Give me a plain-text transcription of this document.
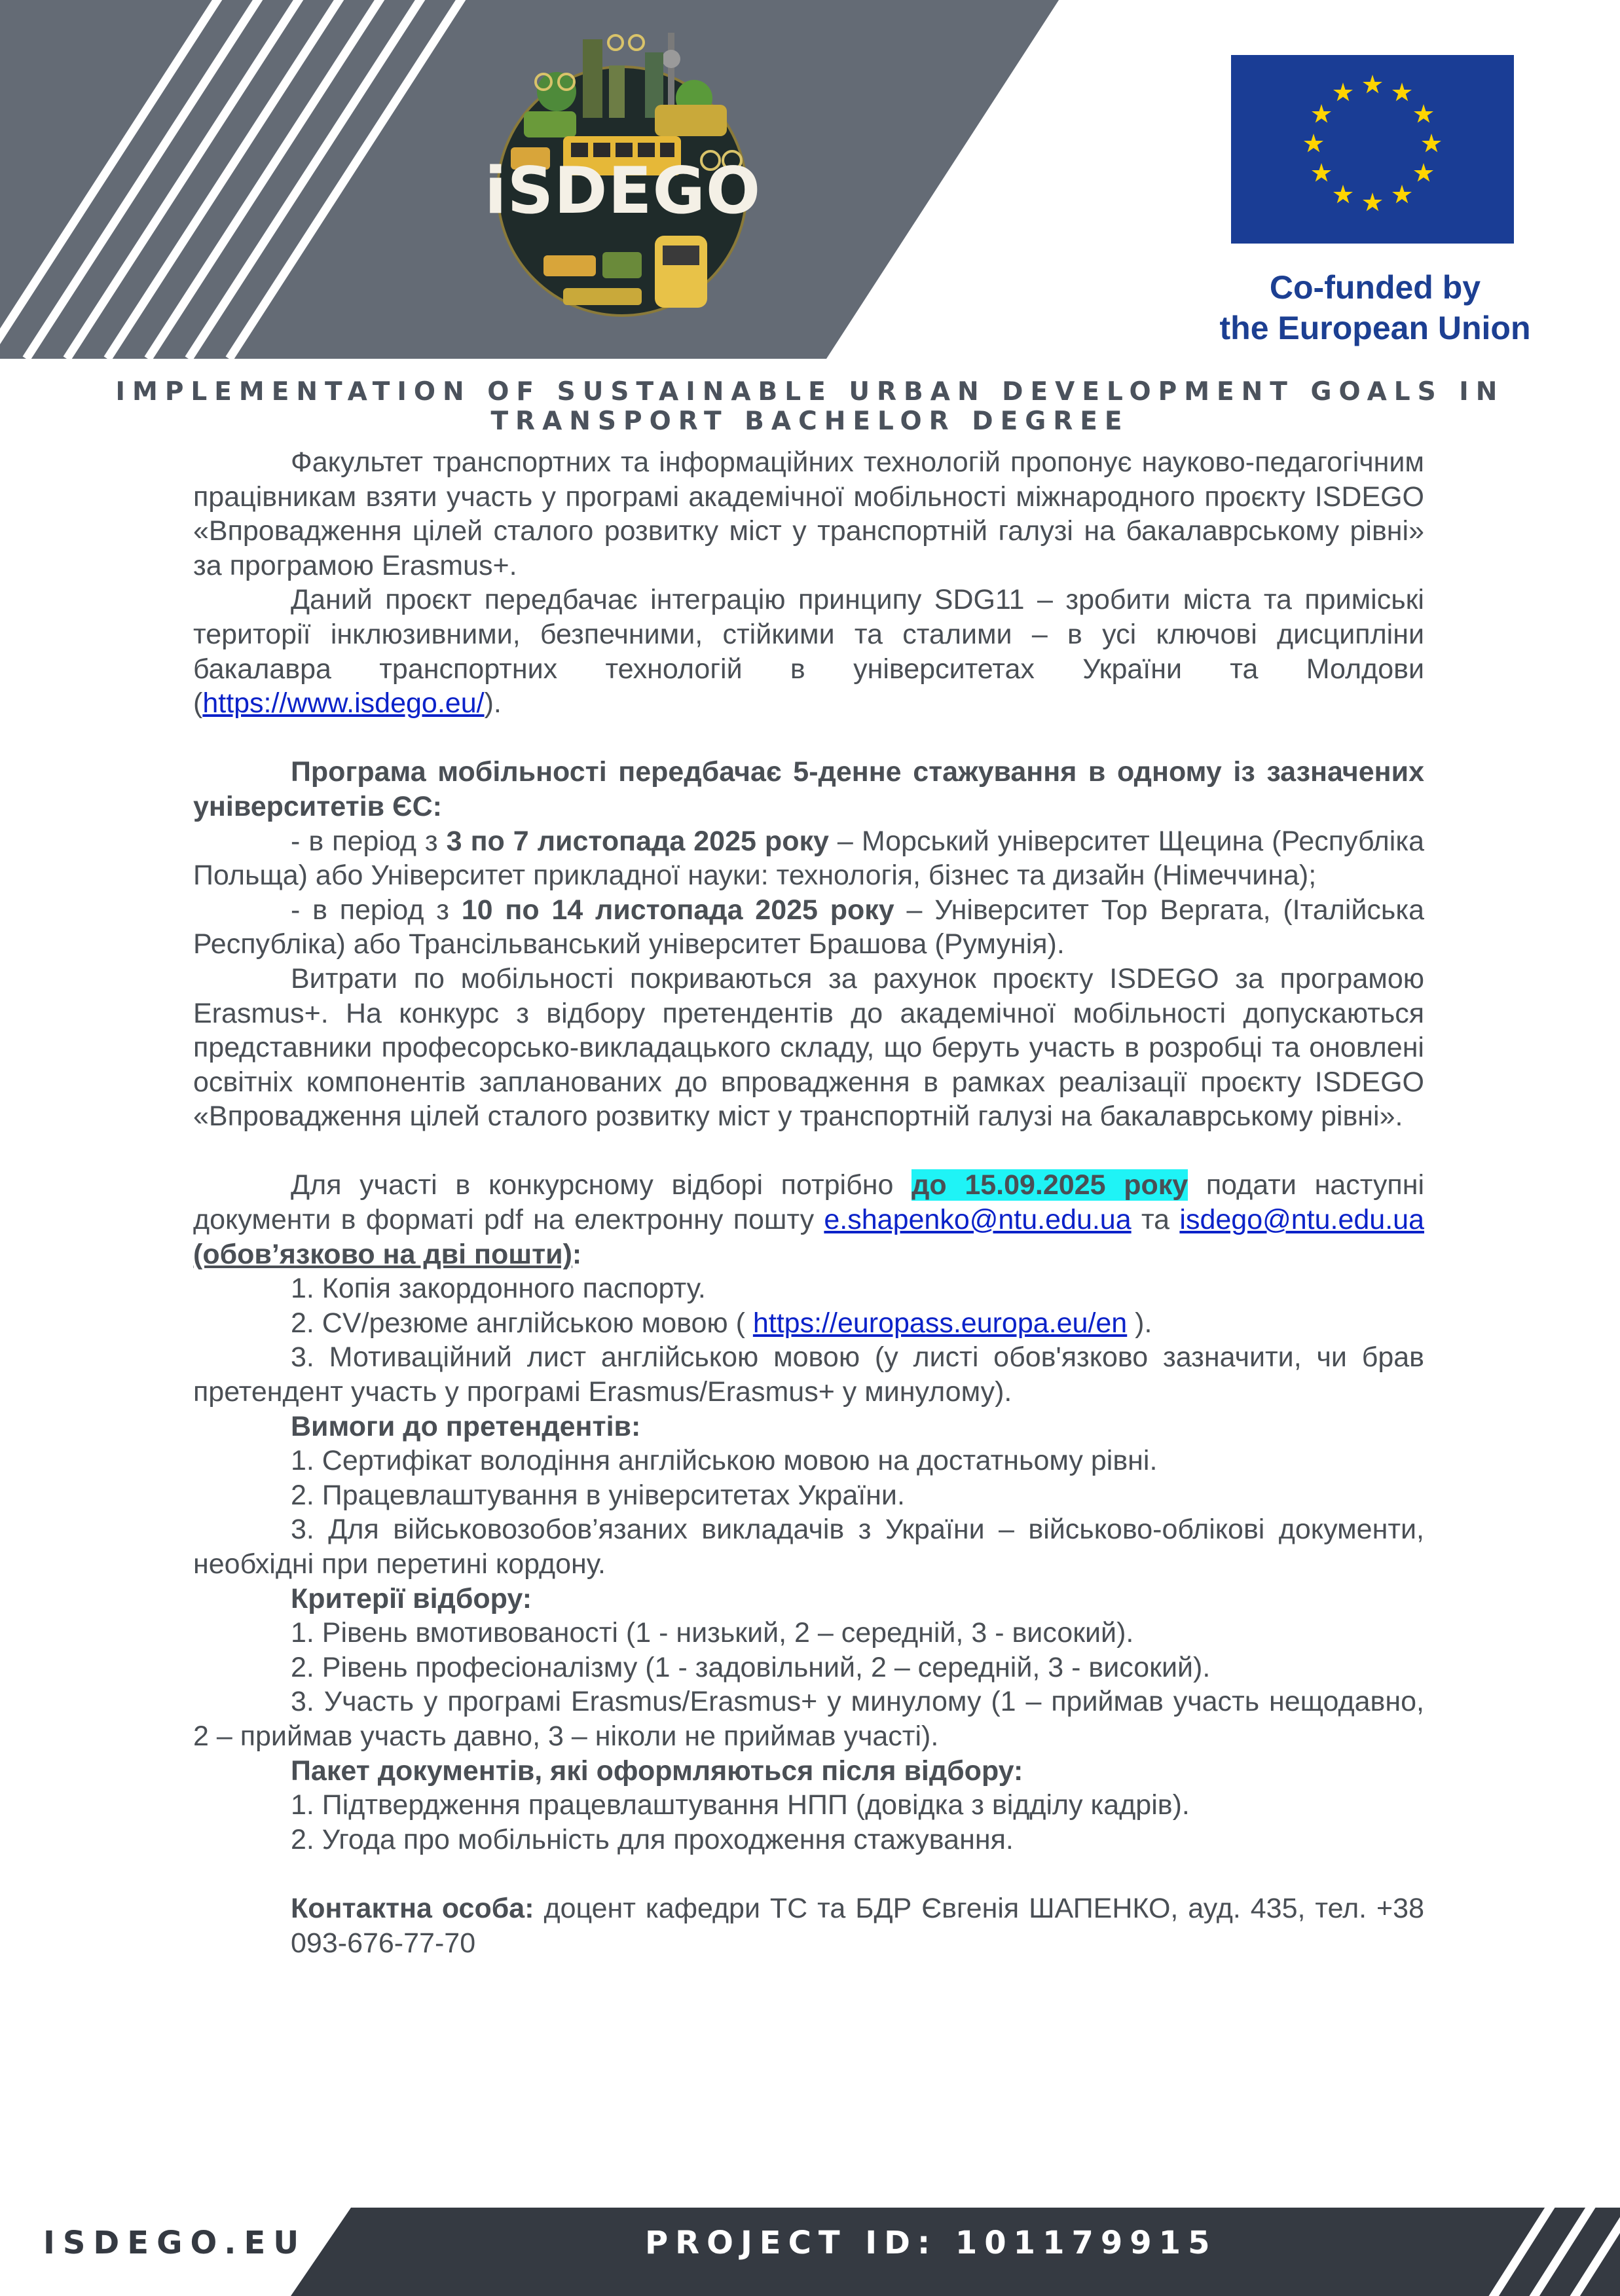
iSDEGO
Co-funded by
the European Union
IMPLEMENTATION OF SUSTAINABLE URBAN DEVELOPMENT GOALS IN TRANSPORT BACHELOR DEGREE

Факультет транспортних та інформаційних технологій пропонує науково-педагогічним працівникам взяти участь у програмі академічної мобільності міжнародного проєкту ISDEGO «Впровадження цілей сталого розвитку міст у транспортній галузі на бакалаврському рівні» за програмою Erasmus+.

Даний проєкт передбачає інтеграцію принципу SDG11 – зробити міста та приміські території інклюзивними, безпечними, стійкими та сталими – в усі ключові дисципліни бакалавра транспортних технологій в університетах України та Молдови (https://www.isdego.eu/).

Програма мобільності передбачає 5-денне стажування в одному із зазначених університетів ЄС:

- в період з 3 по 7 листопада 2025 року – Морський університет Щецина (Республіка Польща) або Університет прикладної науки: технологія, бізнес та дизайн (Німеччина);

- в період з 10 по 14 листопада 2025 року – Університет Тор Вергата, (Італійська Республіка) або Трансільванський університет Брашова (Румунія).

Витрати по мобільності покриваються за рахунок проєкту ISDEGO за програмою Erasmus+. На конкурс з відбору претендентів до академічної мобільності допускаються представники професорсько-викладацького складу, що беруть участь в розробці та оновлені освітніх компонентів запланованих до впровадження в рамках реалізації проєкту ISDEGO «Впровадження цілей сталого розвитку міст у транспортній галузі на бакалаврському рівні».

Для участі в конкурсному відборі потрібно до 15.09.2025 року подати наступні документи в форматі pdf на електронну пошту e.shapenko@ntu.edu.ua та isdego@ntu.edu.ua (обов’язково на дві пошти):

1. Копія закордонного паспорту.

2. CV/резюме англійською мовою ( https://europass.europa.eu/en ).

3. Мотиваційний лист англійською мовою (у листі обов'язково зазначити, чи брав претендент участь у програмі Erasmus/Erasmus+ у минулому).

Вимоги до претендентів:

1. Сертифікат володіння англійською мовою на достатньому рівні.

2. Працевлаштування в університетах України.

3. Для військовозобов’язаних викладачів з України – військово-облікові документи, необхідні при перетині кордону.

Критерії відбору:

1. Рівень вмотивованості (1 - низький, 2 – середній, 3 - високий).

2. Рівень професіоналізму (1 - задовільний, 2 – середній, 3 - високий).

3. Участь у програмі Erasmus/Erasmus+ у минулому (1 – приймав участь нещодавно, 2 – приймав участь давно, 3 – ніколи не приймав участі).

Пакет документів, які оформляються після відбору:

1. Підтвердження працевлаштування НПП (довідка з відділу кадрів).

2. Угода про мобільність для проходження стажування.

Контактна особа: доцент кафедри ТС та БДР Євгенія ШАПЕНКО, ауд. 435, тел. +38 093-676-77-70

ISDEGO.EU	PROJECT ID: 101179915
